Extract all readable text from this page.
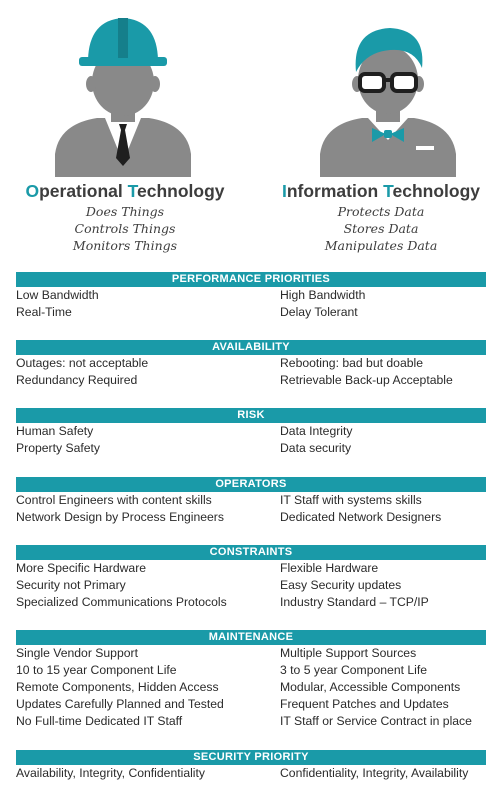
Operational Technology
Does Things
Controls Things
Monitors Things
Information Technology
Protects Data
Stores Data
Manipulates Data
PERFORMANCE PRIORITIES
Low Bandwidth	High Bandwidth
Real-Time	Delay Tolerant
AVAILABILITY
Outages: not acceptable	Rebooting: bad but doable
Redundancy Required	Retrievable Back-up Acceptable
RISK
Human Safety	Data Integrity
Property Safety	Data security
OPERATORS
Control Engineers with content skills	IT Staff with systems skills
Network Design by Process Engineers	Dedicated Network Designers
CONSTRAINTS
More Specific Hardware	Flexible Hardware
Security not Primary	Easy Security updates
Specialized Communications Protocols	Industry Standard – TCP/IP
MAINTENANCE
Single Vendor Support	Multiple Support Sources
10 to 15 year Component Life	3 to 5 year Component Life
Remote Components, Hidden Access	Modular, Accessible Components
Updates Carefully Planned and Tested	Frequent Patches and Updates
No Full-time Dedicated IT Staff	IT Staff or Service Contract in place
SECURITY PRIORITY
Availability, Integrity, Confidentiality	Confidentiality, Integrity, Availability
